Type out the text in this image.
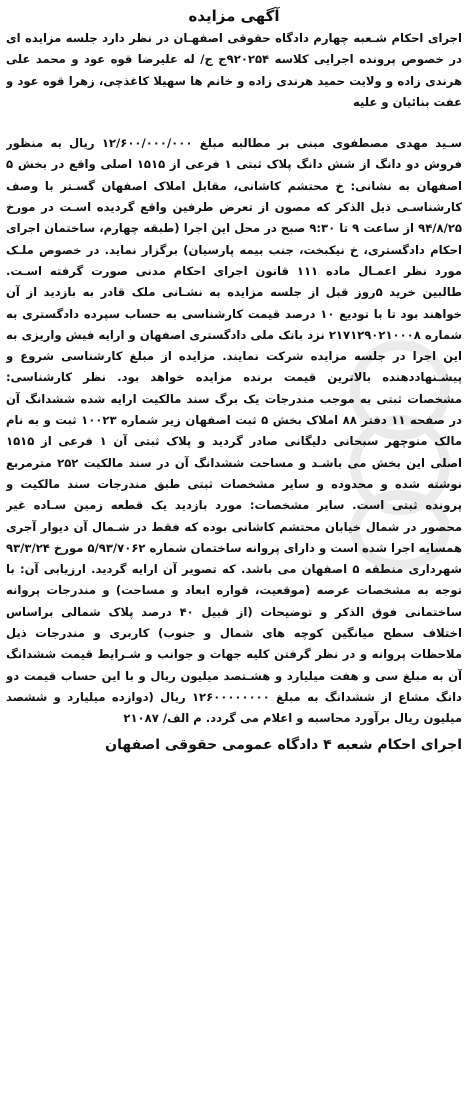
آگهی مزایده

اجرای احکام شـعبه چهارم دادگاه حقوقی اصفهـان در نظر دارد جلسه مزایده ای در خصوص پرونده اجرایی کلاسه ۹۲۰۲۵۴ج ج/ له علیرضا قوه عود و محمد علی هرندی زاده و ولایت حمید هرندی زاده و خانم ها سهیلا کاغذچی، زهرا قوه عود و عفت بنائیان و علیه

سـید مهدی مصطفوی مبنی بر مطالبه مبلغ ۱۲/۶۰۰/۰۰۰/۰۰۰ ریال به منظور فروش دو دانگ از شش دانگ پلاک ثبتی ۱ فرعی از ۱۵۱۵ اصلی واقع در بخش ۵ اصفهان به نشانی: خ محتشم کاشانی، مقابل املاک اصفهان گسـتر با وصف کارشناسـی ذیل الذکر که مصون از تعرض طرفین واقع گردیده اسـت در مورخ ۹۴/۸/۲۵ از ساعت ۹ تا ۹:۳۰ صبح در محل این اجرا (طبقه چهارم، ساختمان اجرای احکام دادگستری، خ نیکبخت، جنب بیمه پارسیان) برگزار نماید. در خصوص ملـک مورد نظر اعمـال ماده ۱۱۱ قانون اجرای احکام مدنی صورت گرفته اسـت. طالبین خرید ۵روز قبل از جلسه مزایده به نشـانی ملک قادر به بازدید از آن خواهند بود تا با تودیع ۱۰ درصد قیمت کارشناسی به حساب سپرده دادگستری به شماره ۲۱۷۱۲۹۰۲۱۰۰۰۸ نزد بانک ملی دادگستری اصفهان و ارایه فیش واریزی به این اجرا در جلسه مزایده شرکت نمایند. مزایده از مبلغ کارشناسی شروع و پیشـنهاددهنده بالاترین قیمت برنده مزایده خواهد بود. نظر کارشناسی: مشخصات ثبتی به موجب مندرجات یک برگ سند مالکیت ارایه شده ششدانگ آن در صفحه ۱۱ دفتر ۸۸ املاک بخش ۵ ثبت اصفهان زیر شماره ۱۰۰۲۳ ثبت و به نام مالک منوچهر سبحانی دلیگانی صادر گردید و پلاک ثبتی آن ۱ فرعی از ۱۵۱۵ اصلی این بخش می باشـد و مساحت ششدانگ آن در سند مالکیت ۲۵۲ مترمربع نوشته شده و محدوده و سایر مشخصات ثبتی طبق مندرجات سند مالکیت و پرونده ثبتی است. سایر مشخصات: مورد بازدید یک قطعه زمین سـاده غیر محصور در شمال خیابان محتشم کاشانی بوده که فقط در شـمال آن دیوار آجری همسایه اجرا شده است و دارای پروانه ساختمان شماره ۵/۹۳/۷۰۶۲ مورخ ۹۳/۳/۲۴ شهرداری منطقه ۵ اصفهان می باشد. که تصویر آن ارایه گردید. ارزیابی آن: با توجه به مشخصات عرصه (موقعیت، قواره ابعاد و مساحت) و مندرجات پروانه ساختمانی فوق الذکر و توضیحات (از قبیل ۴۰ درصد پلاک شمالی براساس اختلاف سطح میانگین کوچه های شمال و جنوب) کاربری و مندرجات ذیل ملاحظات پروانه و در نظر گرفتن کلیه جهات و جوانب و شـرایط قیمت ششدانگ آن به مبلغ سی و هفت میلیارد و هشـتصد میلیون ریال و با این حساب قیمت دو دانگ مشاع از ششدانگ به مبلغ ۱۲۶۰۰۰۰۰۰۰۰ ریال (دوازده میلیارد و ششصد میلیون ریال برآورد محاسبه و اعلام می گردد. م الف/ ۲۱۰۸۷

اجرای احکام شعبه ۴ دادگاه عمومی حقوقی اصفهان
